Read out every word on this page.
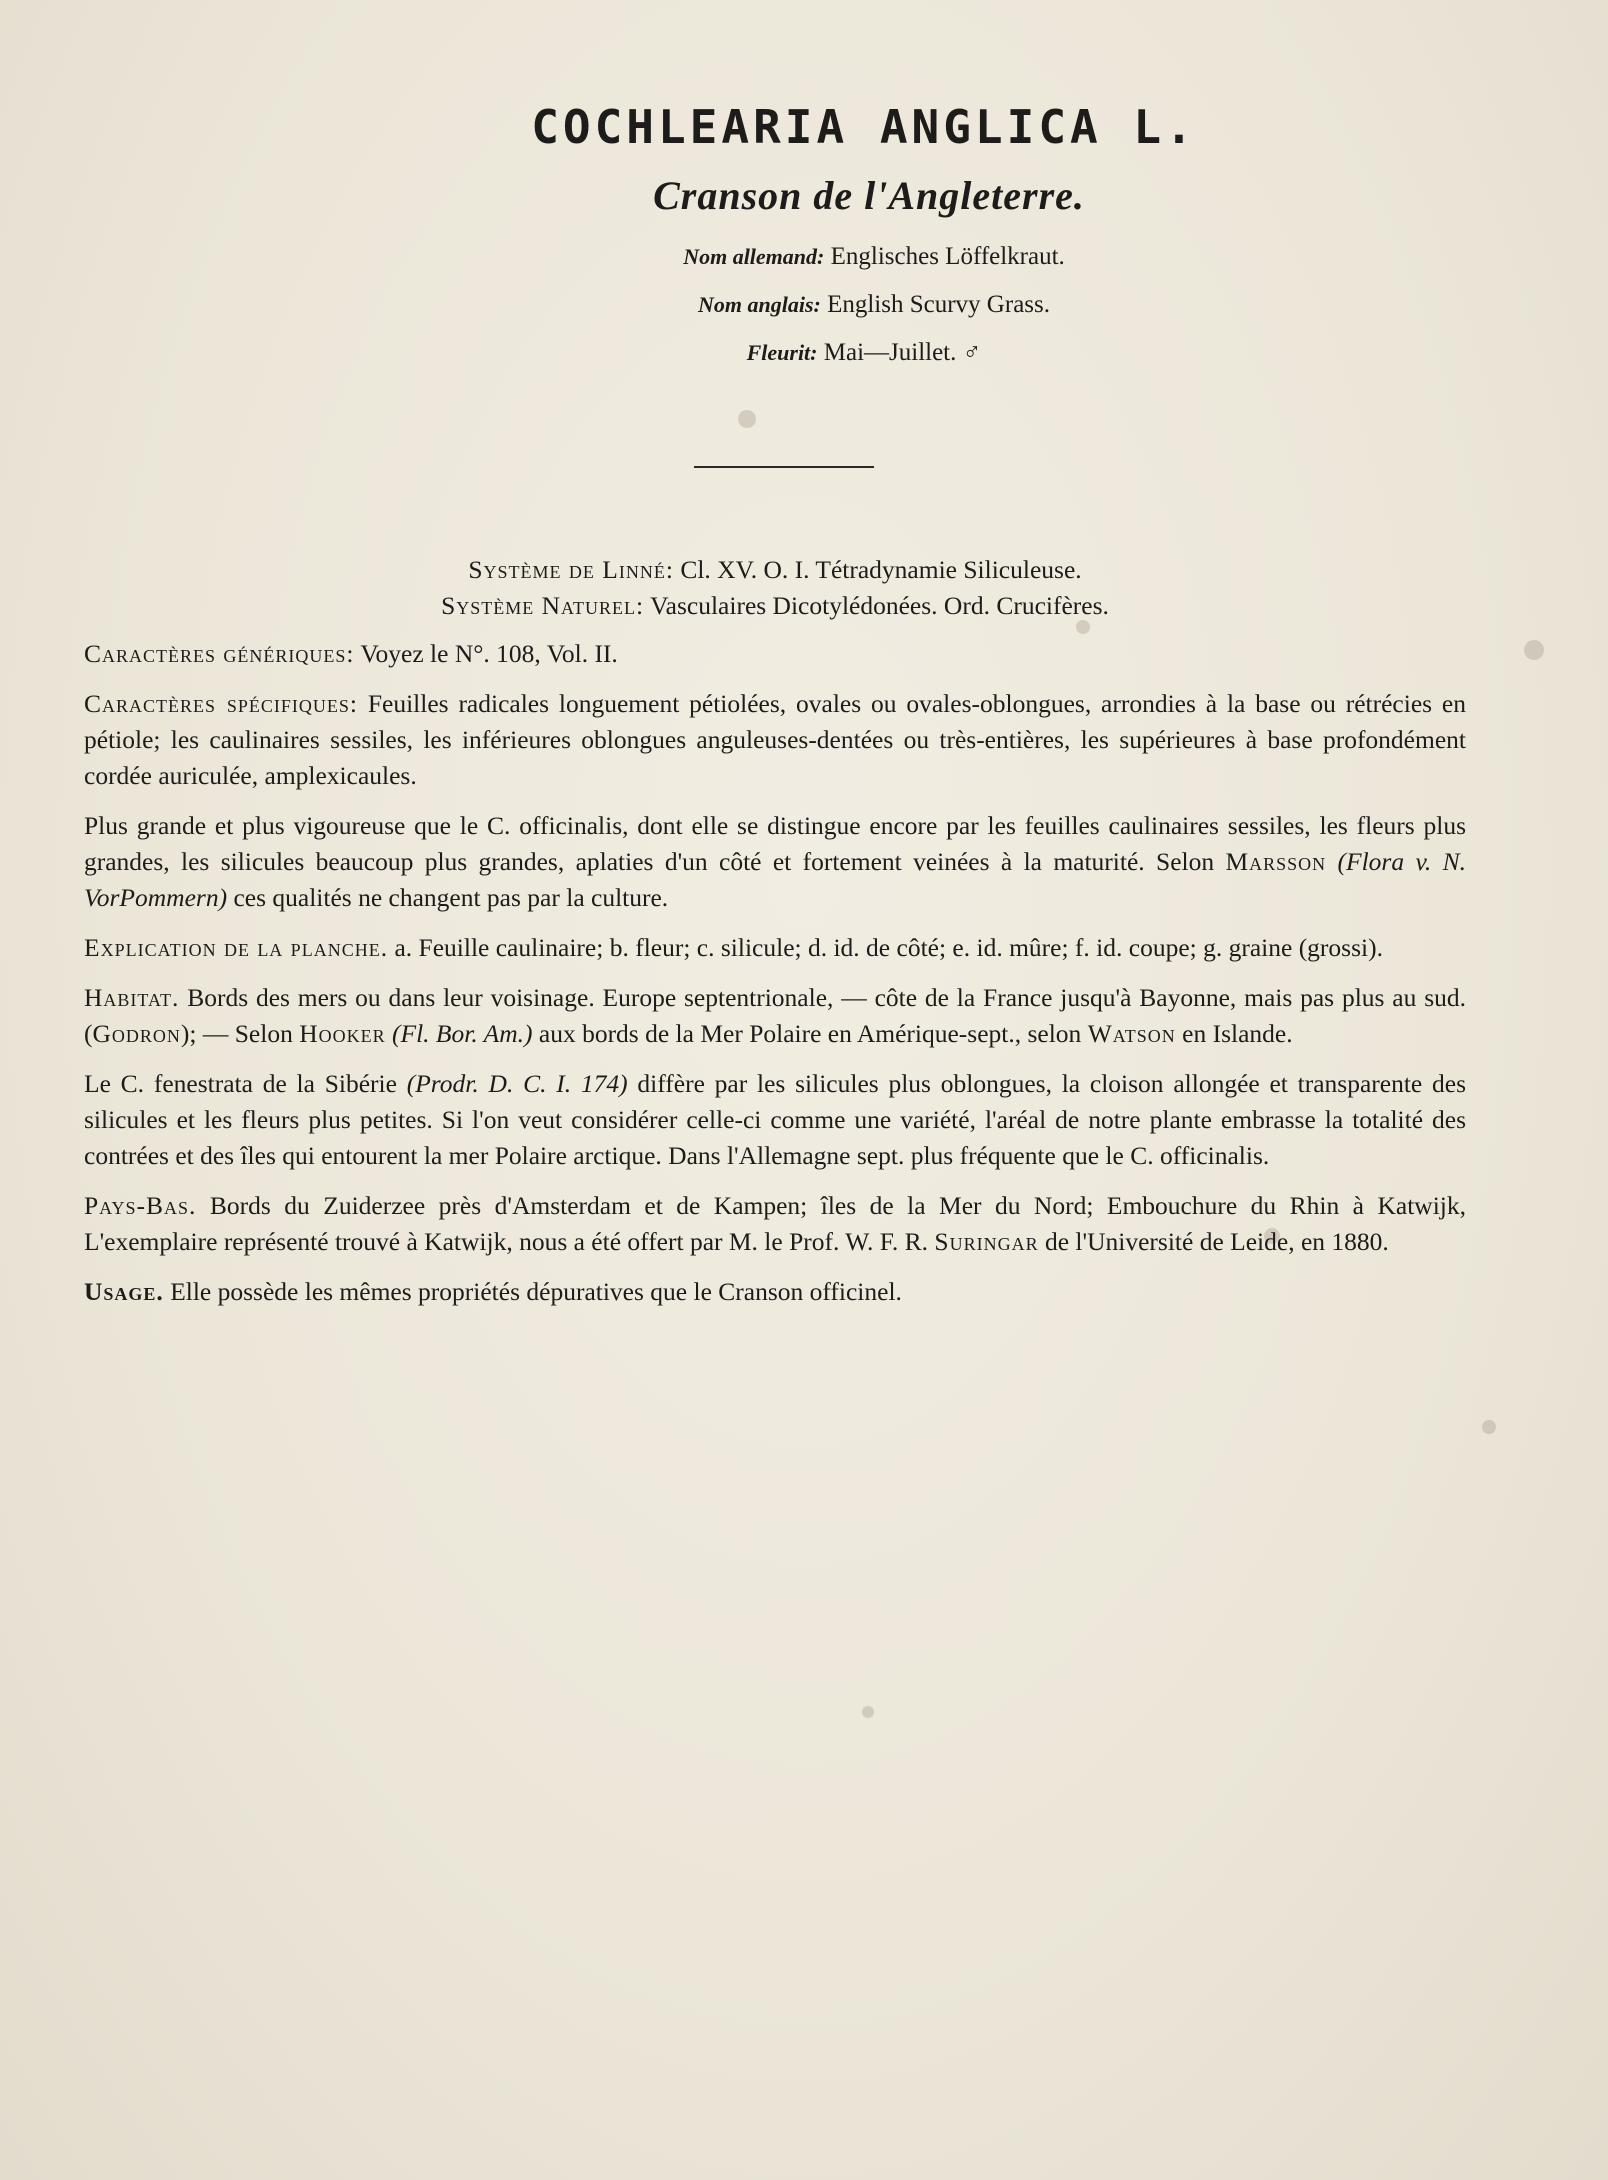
COCHLEARIA ANGLICA L.
Cranson de l'Angleterre.
Nom allemand: Englisches Löffelkraut.
Nom anglais: English Scurvy Grass.
Fleurit: Mai—Juillet. ♂
Système de Linné: Cl. XV. O. I. Tétradynamie Siliculeuse.
Système Naturel: Vasculaires Dicotylédonées. Ord. Crucifères.

Caractères génériques: Voyez le N°. 108, Vol. II.

Caractères spécifiques: Feuilles radicales longuement pétiolées, ovales ou ovales-oblongues, arrondies à la base ou rétrécies en pétiole; les caulinaires sessiles, les inférieures oblongues anguleuses-dentées ou très-entières, les supérieures à base profondément cordée auriculée, amplexicaules.

Plus grande et plus vigoureuse que le C. officinalis, dont elle se distingue encore par les feuilles caulinaires sessiles, les fleurs plus grandes, les silicules beaucoup plus grandes, aplaties d'un côté et fortement veinées à la maturité. Selon Marsson (Flora v. N. VorPommern) ces qualités ne changent pas par la culture.

Explication de la planche. a. Feuille caulinaire; b. fleur; c. silicule; d. id. de côté; e. id. mûre; f. id. coupe; g. graine (grossi).

Habitat. Bords des mers ou dans leur voisinage. Europe septentrionale, — côte de la France jusqu'à Bayonne, mais pas plus au sud. (Godron); — Selon Hooker (Fl. Bor. Am.) aux bords de la Mer Polaire en Amérique-sept., selon Watson en Islande.

Le C. fenestrata de la Sibérie (Prodr. D. C. I. 174) diffère par les silicules plus oblongues, la cloison allongée et transparente des silicules et les fleurs plus petites. Si l'on veut considérer celle-ci comme une variété, l'aréal de notre plante embrasse la totalité des contrées et des îles qui entourent la mer Polaire arctique. Dans l'Allemagne sept. plus fréquente que le C. officinalis.

Pays-Bas. Bords du Zuiderzee près d'Amsterdam et de Kampen; îles de la Mer du Nord; Embouchure du Rhin à Katwijk, L'exemplaire représenté trouvé à Katwijk, nous a été offert par M. le Prof. W. F. R. Suringar de l'Université de Leide, en 1880.

Usage. Elle possède les mêmes propriétés dépuratives que le Cranson officinel.
